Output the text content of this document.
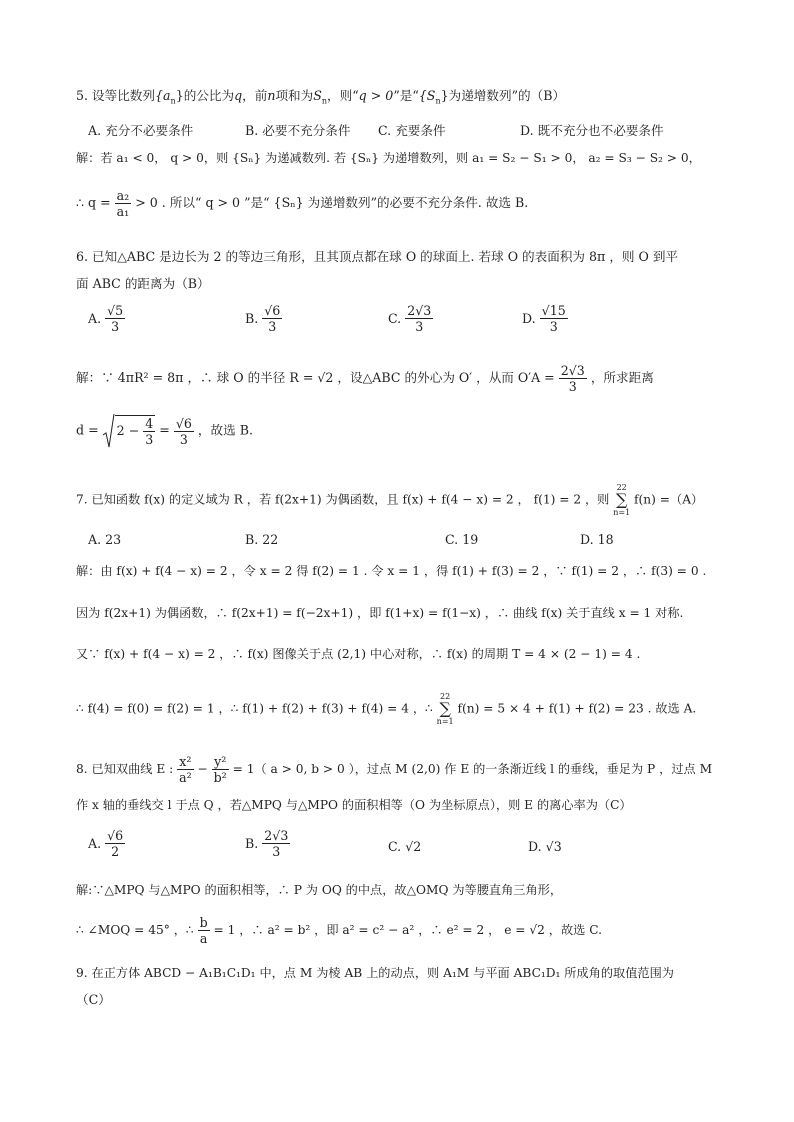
5. 设等比数列$\{a_n\}$的公比为q，前n项和为$S_n$，则“q > 0”是“$\{S_n\}$为递增数列”的（B）
A. 充分不必要条件	B. 必要不充分条件 C. 充要条件	D. 既不充分也不必要条件
解：若 a₁ < 0， q > 0，则 {Sₙ} 为递减数列. 若 {Sₙ} 为递增数列，则 a₁ = S₂ − S₁ > 0， a₂ = S₃ − S₂ > 0，
∴ $q = \frac{\text{a₂}}{\text{a₁}} > 0$ . 所以“ q > 0 ”是“ {Sₙ} 为递增数列”的必要不充分条件. 故选 B.
6. 已知△ABC 是边长为 2 的等边三角形，且其顶点都在球 O 的球面上. 若球 O 的表面积为 8π ，则 O 到平
面 ABC 的距离为（B）
A. $\frac{√5}{3}$	B. $\frac{√6}{3}$	C. $\frac{2√3}{3}$	D. $\frac{√15}{3}$
解：∵ 4πR² = 8π ，∴ 球 O 的半径 R = √2 ，设△ABC 的外心为 O′ ，从而 $O'A = \frac{2√3}{3}$ ，所求距离
$d = 2 - \frac{4}{3} = \frac{√6}{3}$ ，故选 B.
7. 已知函数 f(x) 的定义域为 R ，若 f(2x+1) 为偶函数，且 f(x) + f(4 − x) = 2 ， f(1) = 2 ，则 22
∑
n=1 f(n) =（A）
A. 23	B. 22	C. 19	D. 18
解：由 f(x) + f(4 − x) = 2 ，令 x = 2 得 f(2) = 1 . 令 x = 1 ，得 f(1) + f(3) = 2 ，∵ f(1) = 2 ，∴ f(3) = 0 .
因为 f(2x+1) 为偶函数，∴ f(2x+1) = f(−2x+1) ，即 f(1+x) = f(1−x) ，∴ 曲线 f(x) 关于直线 x = 1 对称.
又∵ f(x) + f(4 − x) = 2 ，∴ f(x) 图像关于点 (2,1) 中心对称，∴ f(x) 的周期 T = 4 × (2 − 1) = 4 .
∴ f(4) = f(0) = f(2) = 1 ，∴ f(1) + f(2) + f(3) + f(4) = 4 ，∴ 22
∑
n=1 f(n) = 5 × 4 + f(1) + f(2) = 23 . 故选 A.
8. 已知双曲线 E : $\frac{\text{x²}}{\text{a²}} - \frac{\text{y²}}{\text{b²}} = 1$（ a > 0, b > 0 ），过点 M (2,0) 作 E 的一条渐近线 l 的垂线，垂足为 P ，过点 M
作 x 轴的垂线交 l 于点 Q ，若△MPQ 与△MPO 的面积相等（O 为坐标原点），则 E 的离心率为（C）
A. $\frac{√6}{2}$	B. $\frac{2√3}{3}$	C. √2	D. √3
解:∵△MPQ 与△MPO 的面积相等，∴ P 为 OQ 的中点，故△OMQ 为等腰直角三角形，
∴ ∠MOQ = 45° ，∴ $\frac{b}{a} = 1$ ，∴ a² = b² ，即 a² = c² − a² ，∴ e² = 2 ， e = √2 ，故选 C.
9. 在正方体 ABCD − A₁B₁C₁D₁ 中，点 M 为棱 AB 上的动点，则 A₁M 与平面 ABC₁D₁ 所成角的取值范围为
（C）
